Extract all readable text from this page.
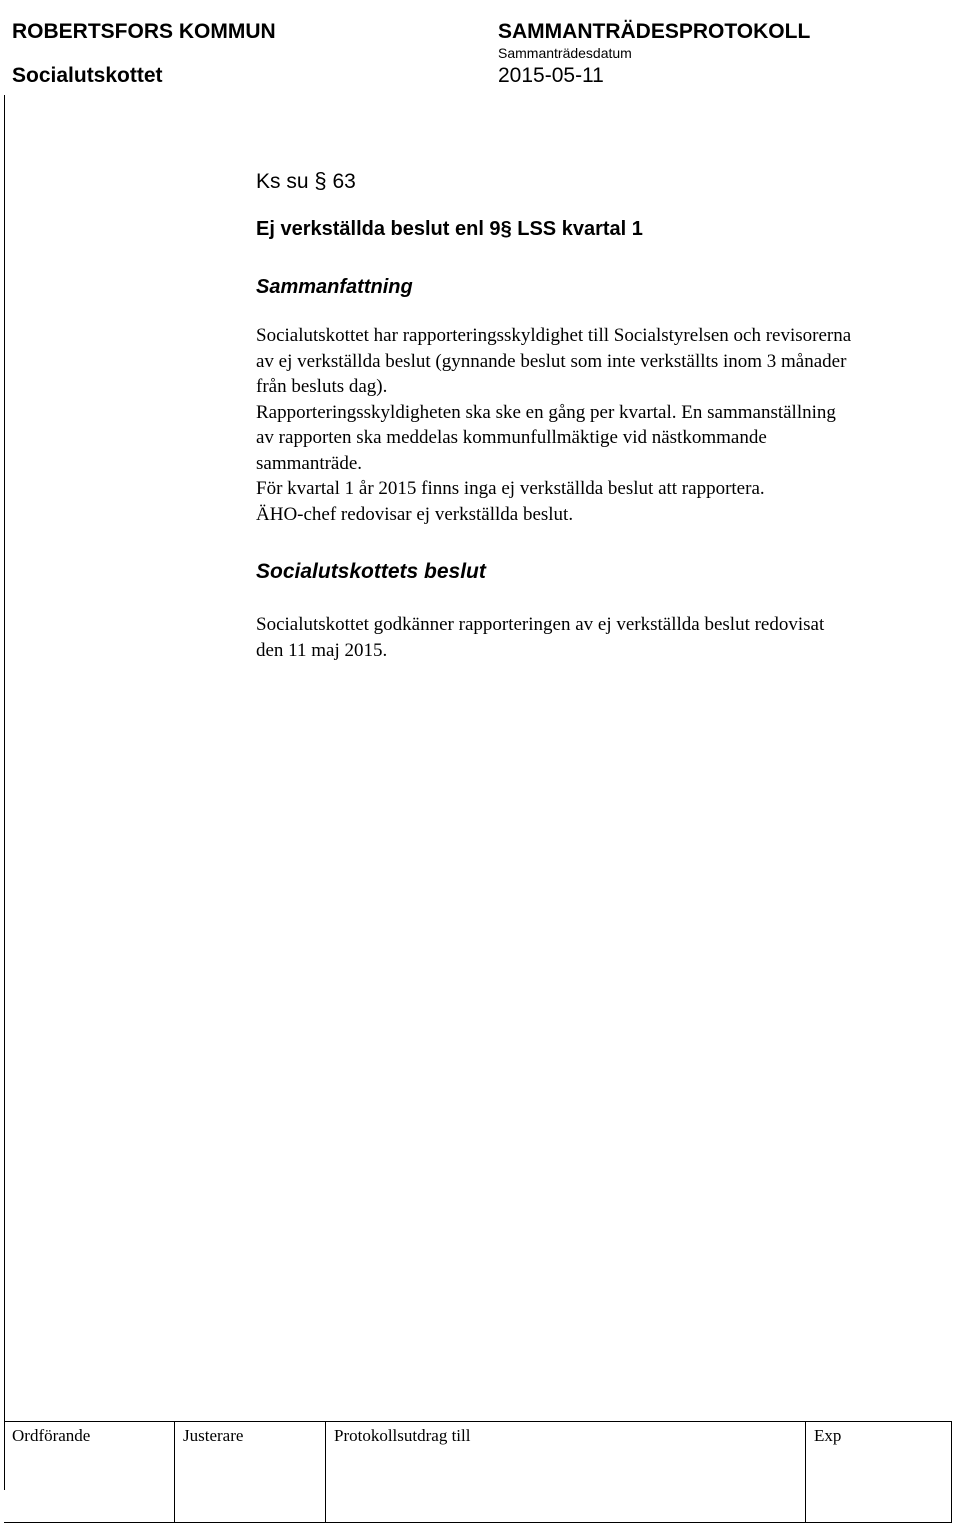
ROBERTSFORS KOMMUN
Socialutskottet
SAMMANTRÄDESPROTOKOLL
Sammanträdesdatum
2015-05-11
Ks su § 63
Ej verkställda beslut enl 9§ LSS kvartal 1
Sammanfattning
Socialutskottet har rapporteringsskyldighet till Socialstyrelsen och revisorerna
av ej verkställda beslut (gynnande beslut som inte verkställts inom 3 månader
från besluts dag).
Rapporteringsskyldigheten ska ske en gång per kvartal. En sammanställning
av rapporten ska meddelas kommunfullmäktige vid nästkommande
sammanträde.
För kvartal 1 år 2015 finns inga ej verkställda beslut att rapportera.
ÄHO-chef redovisar ej verkställda beslut.
Socialutskottets beslut
Socialutskottet godkänner rapporteringen av ej verkställda beslut redovisat
den 11 maj 2015.
Ordförande	Justerare	Protokollsutdrag till	Exp
